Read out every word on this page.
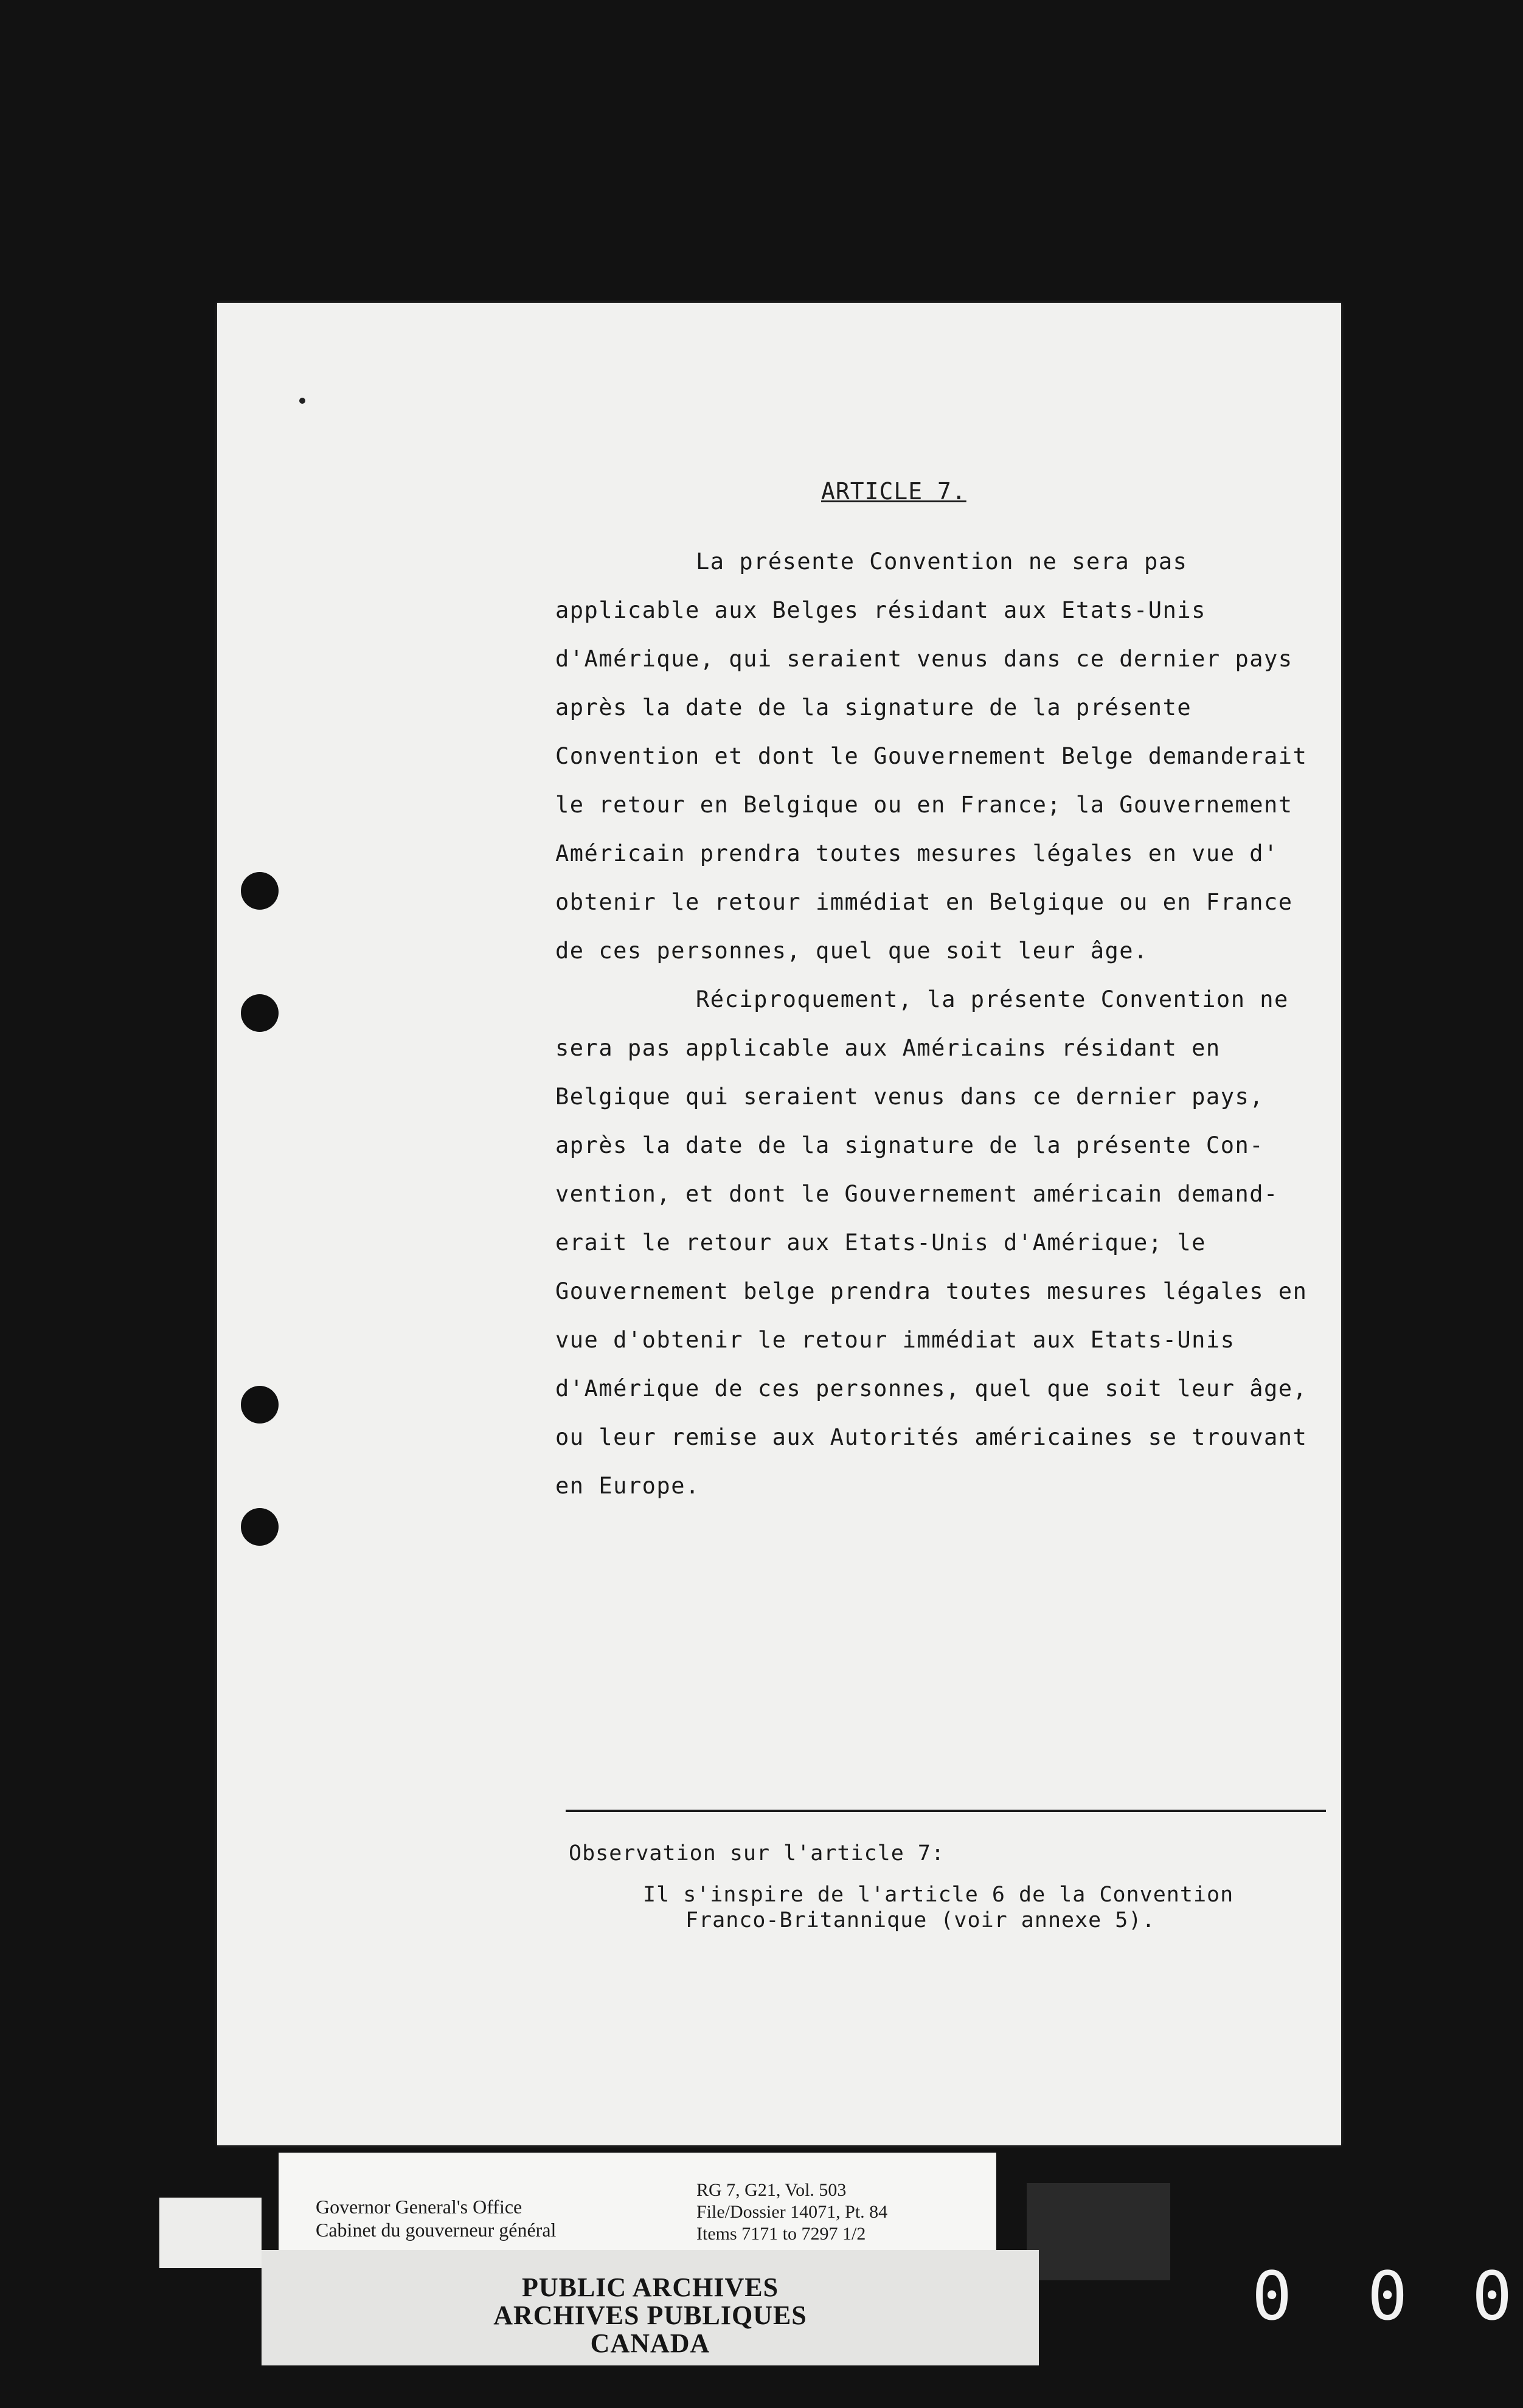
ARTICLE 7.
La présente Convention ne sera pas
applicable aux Belges résidant aux Etats-Unis
d'Amérique, qui seraient venus dans ce dernier pays
après la date de la signature de la présente
Convention et dont le Gouvernement Belge demanderait
le retour en Belgique ou en France; la Gouvernement
Américain prendra toutes mesures légales en vue d'
obtenir le retour immédiat en Belgique ou en France
de ces personnes, quel que soit leur âge.
Réciproquement, la présente Convention ne
sera pas applicable aux Américains résidant en
Belgique qui seraient venus dans ce dernier pays,
après la date de la signature de la présente Con-
vention, et dont le Gouvernement américain demand-
erait le retour aux Etats-Unis d'Amérique; le
Gouvernement belge prendra toutes mesures légales en
vue d'obtenir le retour immédiat aux Etats-Unis
d'Amérique de ces personnes, quel que soit leur âge,
ou leur remise aux Autorités américaines se trouvant
en Europe.
Observation sur l'article 7:
Il s'inspire de l'article 6 de la Convention
Franco-Britannique (voir annexe 5).
Governor General's Office
Cabinet du gouverneur général
RG 7, G21, Vol. 503
File/Dossier 14071, Pt. 84
Items 7171 to 7297 1/2
PUBLIC ARCHIVES
ARCHIVES PUBLIQUES
CANADA
0 0 0
